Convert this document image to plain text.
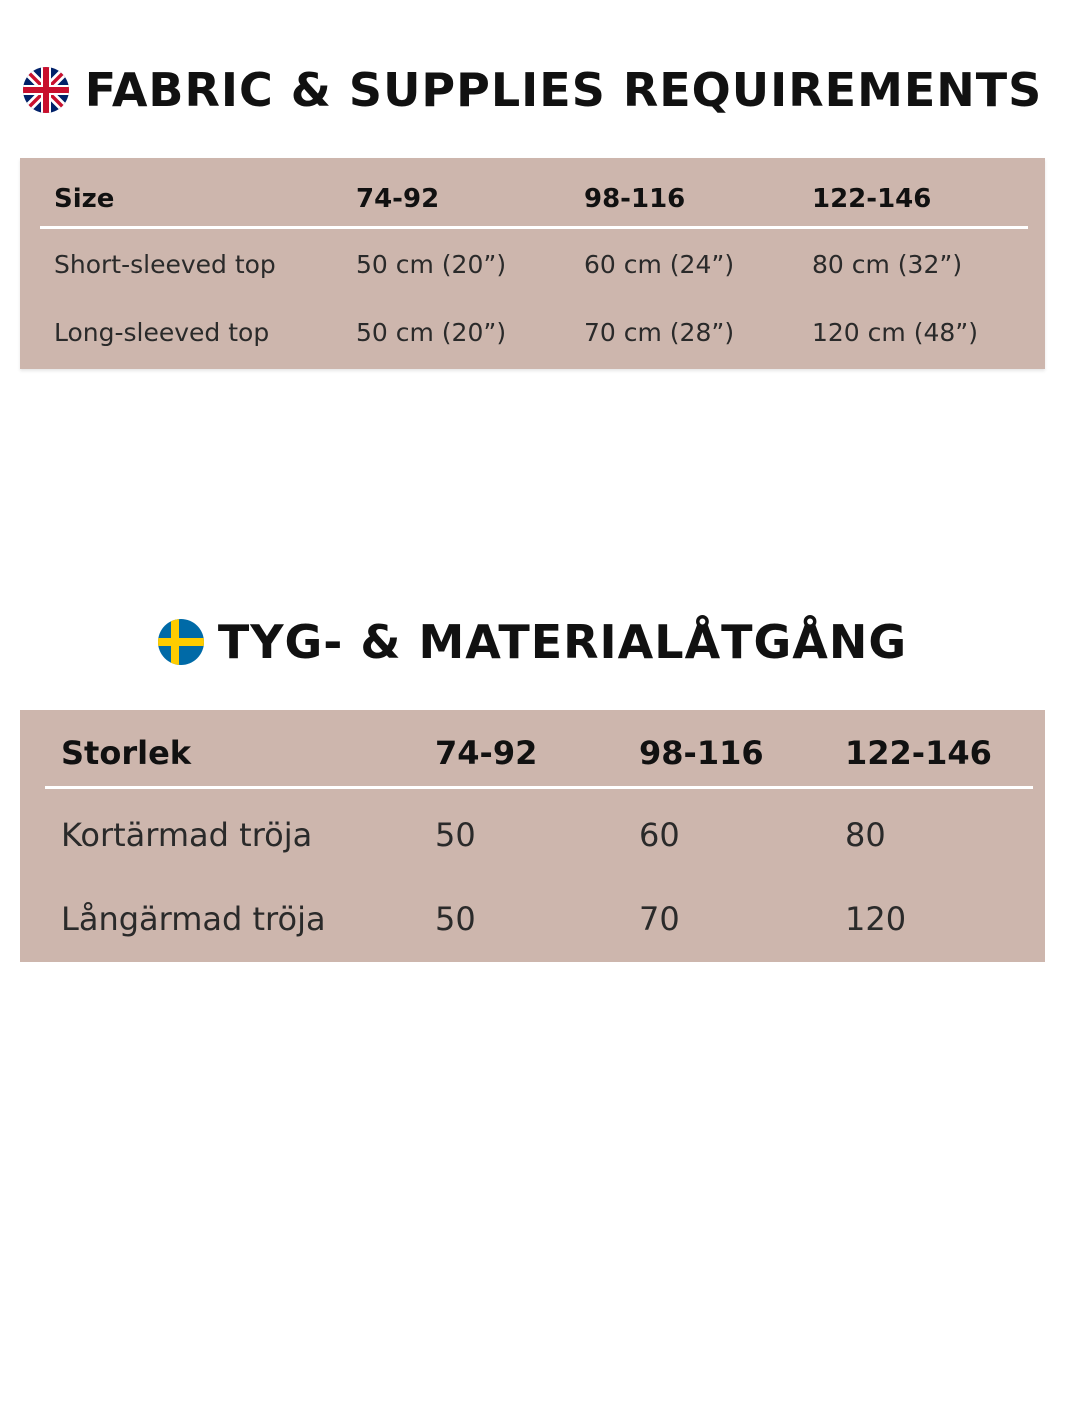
FABRIC & SUPPLIES REQUIREMENTS
Size	74-92	98-116	122-146
Short-sleeved top	50 cm (20”)	60 cm (24”)	80 cm (32”)
Long-sleeved top	50 cm (20”)	70 cm (28”)	120 cm (48”)
TYG- & MATERIALÅTGÅNG
Storlek	74-92	98-116	122-146
Kortärmad tröja	50	60	80
Långärmad tröja	50	70	120
